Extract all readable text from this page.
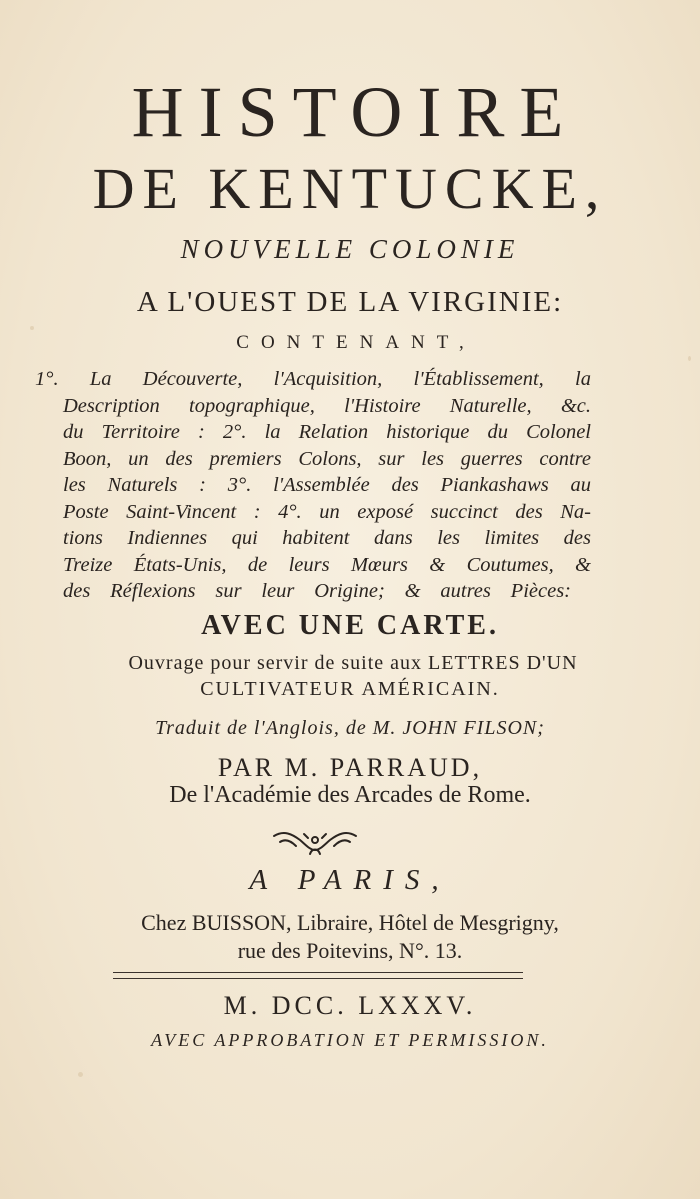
HISTOIRE
DE KENTUCKE,
NOUVELLE COLONIE
A L'OUEST DE LA VIRGINIE:
CONTENANT,
1°. La Découverte, l'Acquisition, l'Établissement, la
Description topographique, l'Histoire Naturelle, &c.
du Territoire : 2°. la Relation historique du Colonel
Boon, un des premiers Colons, sur les guerres contre
les Naturels : 3°. l'Assemblée des Piankashaws au
Poste Saint-Vincent : 4°. un exposé succinct des Na-
tions Indiennes qui habitent dans les limites des
Treize États-Unis, de leurs Mœurs & Coutumes, &
des Réflexions sur leur Origine; & autres Pièces:
AVEC UNE CARTE.
Ouvrage pour servir de suite aux LETTRES D'UN
CULTIVATEUR AMÉRICAIN.
Traduit de l'Anglois, de M. JOHN FILSON;
PAR M. PARRAUD,
De l'Académie des Arcades de Rome.
A PARIS,
Chez BUISSON, Libraire, Hôtel de Mesgrigny,
rue des Poitevins, N°. 13.
M. DCC. LXXXV.
AVEC APPROBATION ET PERMISSION.
